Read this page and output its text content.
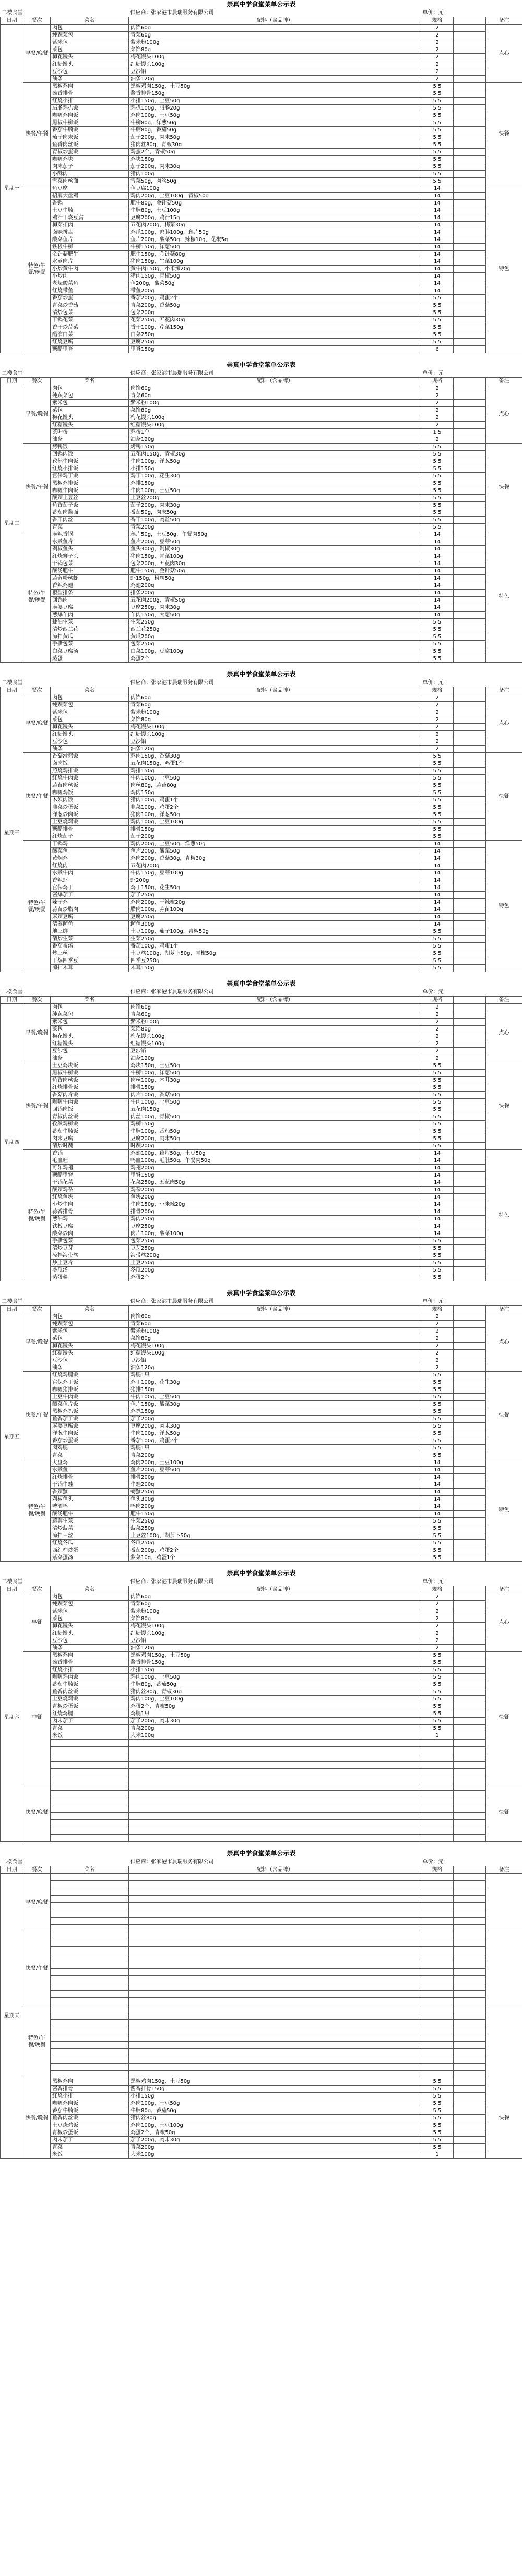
崇真中学食堂菜单公示表						
二楼食堂			供应商：张家港市晨瑞服务有限公司	单价：元		
日期	餐次	菜名	配料（含品牌）	规格		备注
星期一	早餐/晚餐	肉包	肉馅60g	2		点心
		纯蔬菜包	青菜60g	2		
		紫米包	紫米粉100g	2		
		菜包	菜馅80g	2		
		梅花馒头	梅花馒头100g	2		
		红糖馒头	红糖馒头100g	2		
		豆沙包	豆沙馅	2		
		油条	油条120g	2		
	快餐/午餐	黑椒鸡肉	黑椒鸡肉150g，土豆50g	5.5		快餐
		酱香排骨	酱香排骨150g	5.5		
		红烧小排	小排150g，土豆50g	5.5		
		腊肠鸡扒饭	鸡扒100g，腊肠20g	5.5		
		咖喱鸡肉饭	鸡肉100g，土豆50g	5.5		
		黑椒牛柳饭	牛柳80g，洋葱50g	5.5		
		番茄牛腩饭	牛腩80g，番茄50g	5.5		
		茄子肉末饭	茄子200g，肉末50g	5.5		
		鱼香肉丝饭	猪肉丝80g，青椒30g	5.5		
		青椒炒蛋饭	鸡蛋2个，青椒50g	5.5		
		咖喱鸡块	鸡块150g	5.5		
		肉末茄子	茄子200g，肉末30g	5.5		
		小酥肉	猪肉100g	5.5		
		雪菜肉丝面	雪菜50g，肉丝50g	5.5		
	特色/午餐/晚餐	鱼豆腐	鱼豆腐100g	14		特色
		招牌大盘鸡	鸡肉200g，土豆100g，青椒50g	14		
		香锅	肥牛80g，金针菇50g	14		
		土豆牛腩	牛腩80g，土豆100g	14		
		鸡汁干烧豆腐	豆腐200g，鸡汁15g	14		
		梅菜扣肉	五花肉200g，梅菜30g	14		
		卤味拼盘	鸡爪100g，鸭脖100g，藕片50g	14		
		酸菜鱼片	鱼片200g，酸菜50g，辣椒10g，花椒5g	14		
		铁板牛柳	牛柳150g，洋葱50g	14		
		金针菇肥牛	肥牛150g，金针菇80g	14		
		水煮肉片	猪肉150g，生菜100g	14		
		小炒黄牛肉	黄牛肉150g，小米辣20g	14		
		小炒肉	猪肉150g，青椒50g	14		
		老坛酸菜鱼	鱼200g，酸菜50g	14		
		红烧带鱼	带鱼200g	14		
		番茄炒蛋	番茄200g，鸡蛋2个	5.5		
		青菜炒香菇	青菜200g，香菇50g	5.5		
		清炒包菜	包菜200g	5.5		
		干锅花菜	花菜250g，五花肉30g	5.5		
		香干炒芹菜	香干100g，芹菜150g	5.5		
		醋溜白菜	白菜250g	5.5		
		红烧豆腐	豆腐250g	5.5		
		糖醋里脊	里脊150g	6		
崇真中学食堂菜单公示表						
二楼食堂			供应商：张家港市晨瑞服务有限公司	单价：元		
日期	餐次	菜名	配料（含品牌）	规格		备注
星期二	早餐/晚餐	肉包	肉馅60g	2		点心
		纯蔬菜包	青菜60g	2		
		紫米包	紫米粉100g	2		
		菜包	菜馅80g	2		
		梅花馒头	梅花馒头100g	2		
		红糖馒头	红糖馒头100g	2		
		茶叶蛋	鸡蛋1个	1.5		
		油条	油条120g	2		
	快餐/午餐	烤鸭饭	烤鸭150g	5.5		快餐
		回锅肉饭	五花肉150g，青椒30g	5.5		
		孜然牛肉饭	牛肉100g，洋葱50g	5.5		
		红烧小排饭	小排150g	5.5		
		宫保鸡丁饭	鸡丁100g，花生30g	5.5		
		黑椒鸡排饭	鸡排150g	5.5		
		咖喱牛肉饭	牛肉100g，土豆50g	5.5		
		酸辣土豆丝	土豆丝200g	5.5		
		鱼香茄子饭	茄子200g，肉末30g	5.5		
		番茄肉酱面	番茄50g，肉末50g	5.5		
		香干肉丝	香干100g，肉丝50g	5.5		
		青菜	青菜200g	5.5		
	特色/午餐/晚餐	麻辣香锅	藕片50g，土豆50g，午餐肉50g	14		特色
		水煮鱼片	鱼片200g，豆芽50g	14		
		剁椒鱼头	鱼头300g，剁椒30g	14		
		红烧狮子头	猪肉150g，青菜100g	14		
		干锅包菜	包菜200g，五花肉30g	14		
		酸汤肥牛	肥牛150g，金针菇50g	14		
		蒜蓉粉丝虾	虾150g，粉丝50g	14		
		香辣鸡翅	鸡翅200g	14		
		椒盐排条	排条200g	14		
		回锅肉	五花肉200g，青椒50g	14		
		麻婆豆腐	豆腐250g，肉末30g	14		
		葱爆羊肉	羊肉150g，大葱50g	14		
		蚝油生菜	生菜250g	5.5		
		清炒西兰花	西兰花250g	5.5		
		凉拌黄瓜	黄瓜200g	5.5		
		手撕包菜	包菜250g	5.5		
		白菜豆腐汤	白菜100g，豆腐100g	5.5		
		蒸蛋	鸡蛋2个	5.5		
崇真中学食堂菜单公示表						
二楼食堂			供应商：张家港市晨瑞服务有限公司	单价：元		
日期	餐次	菜名	配料（含品牌）	规格		备注
星期三	早餐/晚餐	肉包	肉馅60g	2		点心
		纯蔬菜包	青菜60g	2		
		紫米包	紫米粉100g	2		
		菜包	菜馅80g	2		
		梅花馒头	梅花馒头100g	2		
		红糖馒头	红糖馒头100g	2		
		豆沙包	豆沙馅	2		
		油条	油条120g	2		
	快餐/午餐	香菇滑鸡饭	鸡肉150g，香菇30g	5.5		快餐
		卤肉饭	五花肉150g，鸡蛋1个	5.5		
		照烧鸡排饭	鸡排150g	5.5		
		红烧牛肉饭	牛肉100g，土豆50g	5.5		
		蒜苔肉丝饭	肉丝80g，蒜苔80g	5.5		
		咖喱鸡饭	鸡肉150g	5.5		
		木须肉饭	猪肉100g，鸡蛋1个	5.5		
		韭菜炒蛋饭	韭菜100g，鸡蛋2个	5.5		
		洋葱炒肉饭	猪肉100g，洋葱50g	5.5		
		土豆烧鸡饭	鸡肉100g，土豆100g	5.5		
		糖醋排骨	排骨150g	5.5		
		红烧茄子	茄子200g	5.5		
	特色/午餐/晚餐	干锅鸡	鸡肉200g，土豆50g，洋葱50g	14		特色
		酸菜鱼	鱼片200g，酸菜50g	14		
		黄焖鸡	鸡肉200g，香菇30g，青椒30g	14		
		红烧肉	五花肉200g	14		
		水煮牛肉	牛肉150g，豆芽100g	14		
		香辣虾	虾200g	14		
		宫保鸡丁	鸡丁150g，花生50g	14		
		酱爆茄子	茄子250g	14		
		辣子鸡	鸡肉200g，干辣椒20g	14		
		蒜苗炒腊肉	腊肉100g，蒜苗100g	14		
		麻辣豆腐	豆腐250g	14		
		清蒸鲈鱼	鲈鱼300g	14		
		地三鲜	土豆100g，茄子100g，青椒50g	5.5		
		清炒生菜	生菜250g	5.5		
		番茄蛋汤	番茄100g，鸡蛋1个	5.5		
		炒三丝	土豆丝100g，胡萝卜50g，青椒50g	5.5		
		干煸四季豆	四季豆250g	5.5		
		凉拌木耳	木耳150g	5.5		
崇真中学食堂菜单公示表						
二楼食堂			供应商：张家港市晨瑞服务有限公司	单价：元		
日期	餐次	菜名	配料（含品牌）	规格		备注
星期四	早餐/晚餐	肉包	肉馅60g	2		点心
		纯蔬菜包	青菜60g	2		
		紫米包	紫米粉100g	2		
		菜包	菜馅80g	2		
		梅花馒头	梅花馒头100g	2		
		红糖馒头	红糖馒头100g	2		
		豆沙包	豆沙馅	2		
		油条	油条120g	2		
	快餐/午餐	土豆鸡块饭	鸡块150g，土豆50g	5.5		快餐
		黑椒牛柳饭	牛柳100g，洋葱50g	5.5		
		鱼香肉丝饭	肉丝100g，木耳30g	5.5		
		红烧排骨饭	排骨150g	5.5		
		香菇肉片饭	肉片100g，香菇50g	5.5		
		咖喱牛肉饭	牛肉100g，土豆50g	5.5		
		回锅肉饭	五花肉150g	5.5		
		青椒肉丝饭	肉丝100g，青椒50g	5.5		
		孜然鸡柳饭	鸡柳150g	5.5		
		番茄牛腩饭	牛腩100g，番茄50g	5.5		
		肉末豆腐	豆腐200g，肉末50g	5.5		
		清炒时蔬	时蔬200g	5.5		
	特色/午餐/晚餐	香锅	鸡翅100g，藕片50g，土豆50g	14		特色
		毛血旺	鸭血100g，毛肚50g，午餐肉50g	14		
		可乐鸡翅	鸡翅200g	14		
		糖醋里脊	里脊150g	14		
		干锅花菜	花菜250g，五花肉50g	14		
		酸辣鸡杂	鸡杂200g	14		
		红烧鱼块	鱼块200g	14		
		小炒牛肉	牛肉150g，小米辣20g	14		
		蒜香排骨	排骨200g	14		
		葱油鸡	鸡肉250g	14		
		铁板豆腐	豆腐250g	14		
		酸菜炒肉	肉片100g，酸菜100g	14		
		手撕包菜	包菜250g	5.5		
		清炒豆芽	豆芽250g	5.5		
		凉拌海带丝	海带丝200g	5.5		
		炒土豆片	土豆250g	5.5		
		冬瓜汤	冬瓜200g	5.5		
		蒸蛋羹	鸡蛋2个	5.5		
崇真中学食堂菜单公示表						
二楼食堂			供应商：张家港市晨瑞服务有限公司	单价：元		
日期	餐次	菜名	配料（含品牌）	规格		备注
星期五	早餐/晚餐	肉包	肉馅60g	2		点心
		纯蔬菜包	青菜60g	2		
		紫米包	紫米粉100g	2		
		菜包	菜馅80g	2		
		梅花馒头	梅花馒头100g	2		
		红糖馒头	红糖馒头100g	2		
		豆沙包	豆沙馅	2		
		油条	油条120g	2		
	快餐/午餐	红烧鸡腿饭	鸡腿1只	5.5		快餐
		宫保鸡丁饭	鸡丁100g，花生30g	5.5		
		咖喱猪排饭	猪排150g	5.5		
		土豆牛肉饭	牛肉100g，土豆50g	5.5		
		酸菜鱼片饭	鱼片150g，酸菜30g	5.5		
		黑椒鸡扒饭	鸡扒150g	5.5		
		鱼香茄子饭	茄子200g	5.5		
		麻婆豆腐饭	豆腐200g，肉末30g	5.5		
		洋葱牛肉饭	牛肉100g，洋葱50g	5.5		
		番茄炒蛋饭	番茄100g，鸡蛋2个	5.5		
		卤鸡腿	鸡腿1只	5.5		
		青菜	青菜200g	5.5		
	特色/午餐/晚餐	大盘鸡	鸡肉200g，土豆100g	14		特色
		水煮鱼	鱼片200g，豆芽50g	14		
		红烧排骨	排骨200g	14		
		干锅牛蛙	牛蛙200g	14		
		香辣蟹	螃蟹250g	14		
		剁椒鱼头	鱼头300g	14		
		啤酒鸭	鸭肉200g	14		
		酸汤肥牛	肥牛150g	14		
		蒜蓉生菜	生菜250g	5.5		
		清炒菠菜	菠菜250g	5.5		
		凉拌三丝	土豆丝100g，胡萝卜50g	5.5		
		红烧冬瓜	冬瓜250g	5.5		
		西红柿炒蛋	番茄200g，鸡蛋2个	5.5		
		紫菜蛋汤	紫菜10g，鸡蛋1个	5.5		
崇真中学食堂菜单公示表						
二楼食堂			供应商：张家港市晨瑞服务有限公司	单价：元		
日期	餐次	菜名	配料（含品牌）	规格		备注
星期六	早餐	肉包	肉馅60g	2		点心
		纯蔬菜包	青菜60g	2		
		紫米包	紫米粉100g	2		
		菜包	菜馅80g	2		
		梅花馒头	梅花馒头100g	2		
		红糖馒头	红糖馒头100g	2		
		豆沙包	豆沙馅	2		
		油条	油条120g	2		
	中餐	黑椒鸡肉	黑椒鸡肉150g，土豆50g	5.5		快餐
		酱香排骨	酱香排骨150g	5.5		
		红烧小排	小排150g	5.5		
		咖喱鸡肉饭	鸡肉100g，土豆50g	5.5		
		番茄牛腩饭	牛腩80g，番茄50g	5.5		
		鱼香肉丝饭	猪肉丝80g，青椒30g	5.5		
		土豆烧鸡饭	鸡肉100g，土豆100g	5.5		
		青椒炒蛋饭	鸡蛋2个，青椒50g	5.5		
		红烧鸡腿	鸡腿1只	5.5		
		肉末茄子	茄子200g，肉末30g	5.5		
		青菜	青菜200g	5.5		
		米饭	大米100g	1		

	快餐/晚餐					快餐

崇真中学食堂菜单公示表						
二楼食堂			供应商：张家港市晨瑞服务有限公司	单价：元		
日期	餐次	菜名	配料（含品牌）	规格		备注
星期天	早餐/晚餐					

	快餐/午餐					

	特色/午餐/晚餐					

	快餐/晚餐	黑椒鸡肉	黑椒鸡肉150g，土豆50g	5.5		快餐
		酱香排骨	酱香排骨150g	5.5		
		红烧小排	小排150g	5.5		
		咖喱鸡肉饭	鸡肉100g，土豆50g	5.5		
		番茄牛腩饭	牛腩80g，番茄50g	5.5		
		鱼香肉丝饭	猪肉丝80g	5.5		
		土豆烧鸡饭	鸡肉100g，土豆100g	5.5		
		青椒炒蛋饭	鸡蛋2个，青椒50g	5.5		
		肉末茄子	茄子200g，肉末30g	5.5		
		青菜	青菜200g	5.5		
		米饭	大米100g	1		
